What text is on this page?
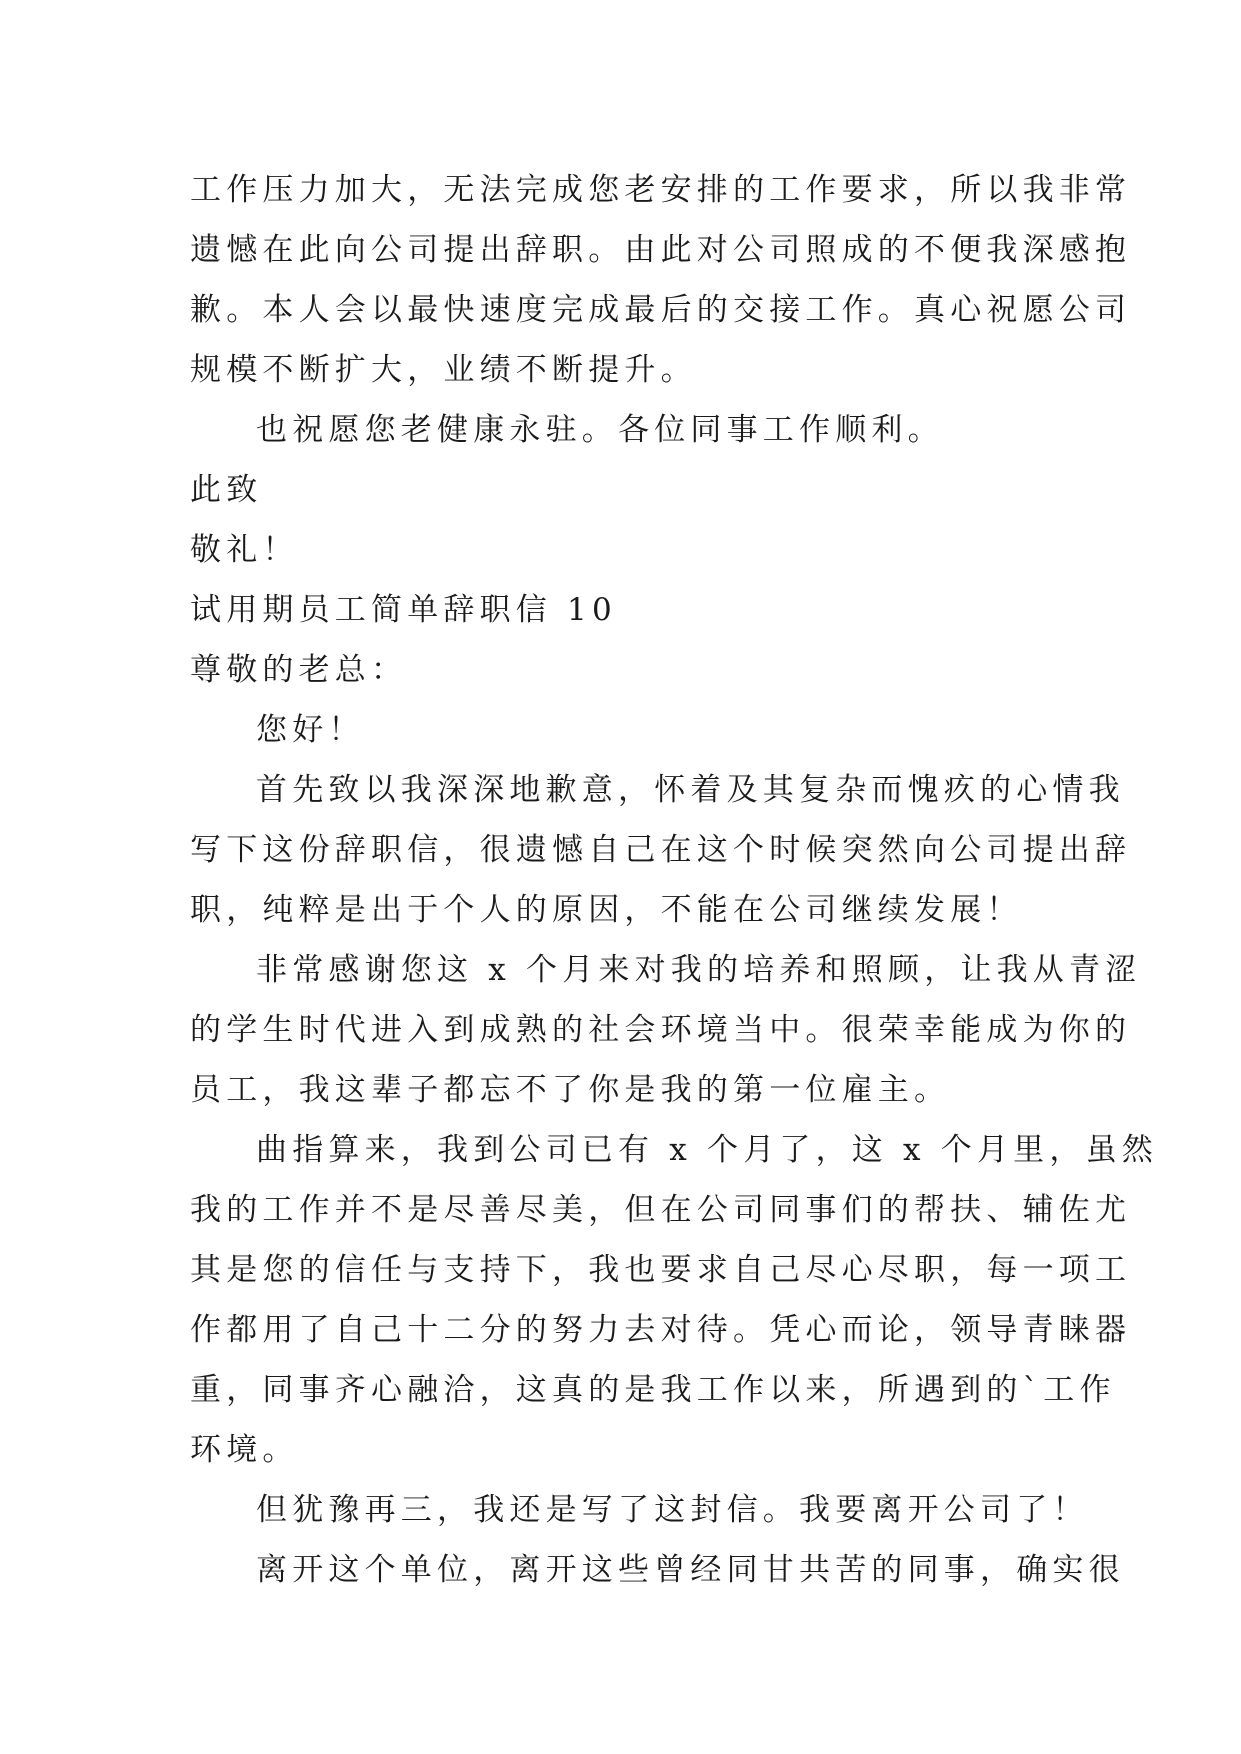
工作压力加大，无法完成您老安排的工作要求，所以我非常
遗憾在此向公司提出辞职。由此对公司照成的不便我深感抱
歉。本人会以最快速度完成最后的交接工作。真心祝愿公司
规模不断扩大，业绩不断提升。
也祝愿您老健康永驻。各位同事工作顺利。
此致
敬礼！
试用期员工简单辞职信 10
尊敬的老总：
您好！
首先致以我深深地歉意，怀着及其复杂而愧疚的心情我
写下这份辞职信，很遗憾自己在这个时候突然向公司提出辞
职，纯粹是出于个人的原因，不能在公司继续发展！
非常感谢您这 x 个月来对我的培养和照顾，让我从青涩
的学生时代进入到成熟的社会环境当中。很荣幸能成为你的
员工，我这辈子都忘不了你是我的第一位雇主。
曲指算来，我到公司已有 x 个月了，这 x 个月里，虽然
我的工作并不是尽善尽美，但在公司同事们的帮扶、辅佐尤
其是您的信任与支持下，我也要求自己尽心尽职，每一项工
作都用了自己十二分的努力去对待。凭心而论，领导青睐器
重，同事齐心融洽，这真的是我工作以来，所遇到的`工作
环境。
但犹豫再三，我还是写了这封信。我要离开公司了！
离开这个单位，离开这些曾经同甘共苦的同事，确实很
